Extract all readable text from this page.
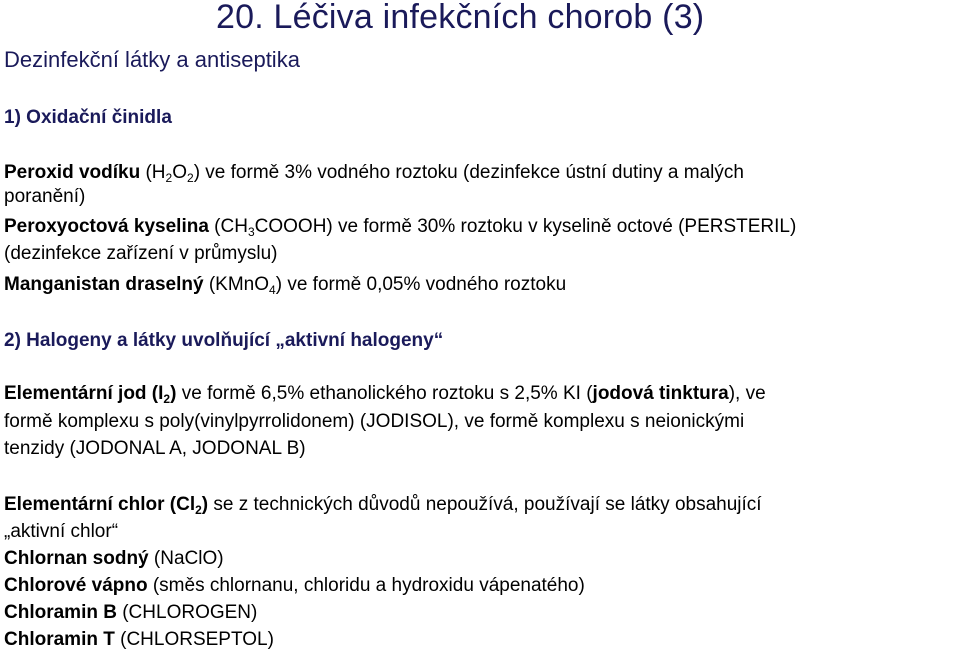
20. Léčiva infekčních chorob (3)
Dezinfekční látky a antiseptika
1) Oxidační činidla
Peroxid vodíku $(H_2O_2)$ ve formě 3% vodného roztoku (dezinfekce ústní dutiny a malých
poranění)
Peroxyoctová kyselina $(CH_3COOOH)$ ve formě 30% roztoku v kyselině octové (PERSTERIL)
(dezinfekce zařízení v průmyslu)
Manganistan draselný (KMnO$_4$) ve formě 0,05% vodného roztoku
2) Halogeny a látky uvolňující „aktivní halogeny“
Elementární jod $(I_2)$ ve formě 6,5% ethanolického roztoku s 2,5% KI (jodová tinktura), ve
formě komplexu s poly(vinylpyrrolidonem) (JODISOL), ve formě komplexu s neionickými
tenzidy (JODONAL A, JODONAL B)
Elementární chlor $(Cl_2)$ se z technických důvodů nepoužívá, používají se látky obsahující
„aktivní chlor“
Chlornan sodný (NaClO)
Chlorové vápno (směs chlornanu, chloridu a hydroxidu vápenatého)
Chloramin B (CHLOROGEN)
Chloramin T (CHLORSEPTOL)
